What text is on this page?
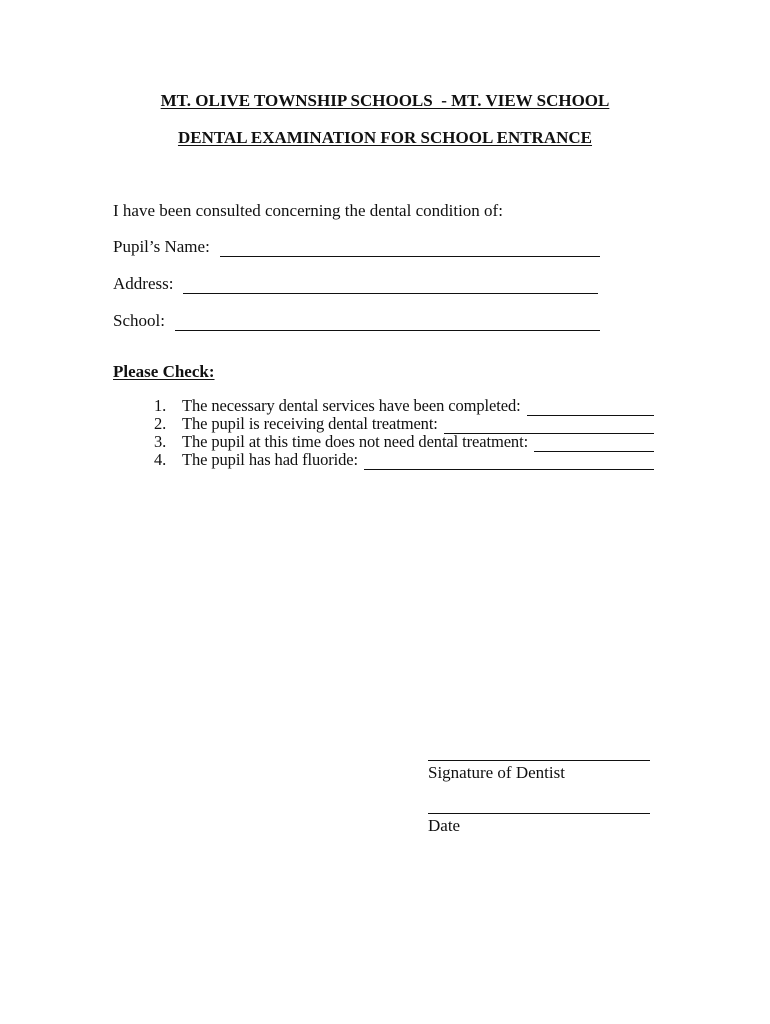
MT. OLIVE TOWNSHIP SCHOOLS  - MT. VIEW SCHOOL
DENTAL EXAMINATION FOR SCHOOL ENTRANCE
I have been consulted concerning the dental condition of:
Pupil’s Name:
Address:
School:
Please Check:
1. The necessary dental services have been completed:
2. The pupil is receiving dental treatment:
3. The pupil at this time does not need dental treatment:
4. The pupil has had fluoride:
Signature of Dentist
Date
